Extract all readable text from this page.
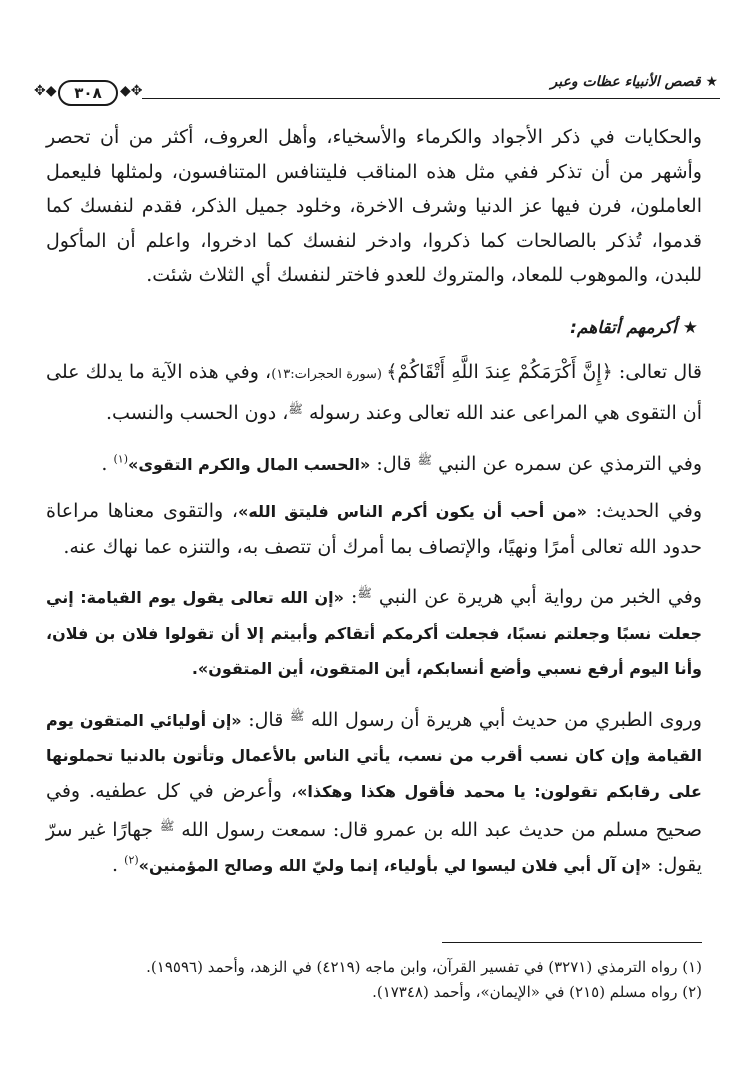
★ قصص الأنبياء عظات وعبر
✥◆	٣٠٨	◆✥

والحكايات في ذكر الأجواد والكرماء والأسخياء، وأهل العروف، أكثر من أن تحصر وأشهر من أن تذكر ففي مثل هذه المناقب فليتنافس المتنافسون، ولمثلها فليعمل العاملون، فرن فيها عز الدنيا وشرف الاخرة، وخلود جميل الذكر، فقدم لنفسك كما قدموا، تُذكر بالصالحات كما ذكروا، وادخر لنفسك كما ادخروا، واعلم أن المأكول للبدن، والموهوب للمعاد، والمتروك للعدو فاختر لنفسك أي الثلاث شئت.

★ أكرمهم أتقاهم:

قال تعالى: ﴿إِنَّ أَكْرَمَكُمْ عِندَ اللَّهِ أَتْقَاكُمْ﴾ (سورة الحجرات:١٣)، وفي هذه الآية ما يدلك على أن التقوى هي المراعى عند الله تعالى وعند رسوله $^ﷺ$، دون الحسب والنسب.

وفي الترمذي عن سمره عن النبي $^ﷺ$ قال: «الحسب المال والكرم التقوى»$^{(١)}$ .

وفي الحديث: «من أحب أن يكون أكرم الناس فليتق الله»، والتقوى معناها مراعاة حدود الله تعالى أمرًا ونهيًا، والإتصاف بما أمرك أن تتصف به، والتنزه عما نهاك عنه.

وفي الخبر من رواية أبي هريرة عن النبي $^ﷺ$: «إن الله تعالى يقول يوم القيامة: إني جعلت نسبًا وجعلتم نسبًا، فجعلت أكرمكم أتقاكم وأبيتم إلا أن تقولوا فلان بن فلان، وأنا اليوم أرفع نسبي وأضع أنسابكم، أين المتقون، أين المتقون».

وروى الطبري من حديث أبي هريرة أن رسول الله $^ﷺ$ قال: «إن أوليائي المتقون يوم القيامة وإن كان نسب أقرب من نسب، يأتي الناس بالأعمال وتأتون بالدنيا تحملونها على رقابكم تقولون: يا محمد فأقول هكذا وهكذا»، وأعرض في كل عطفيه. وفي صحيح مسلم من حديث عبد الله بن عمرو قال: سمعت رسول الله $^ﷺ$ جهارًا غير سرّ يقول: «إن آل أبي فلان ليسوا لي بأولياء، إنما وليّ الله وصالح المؤمنين»$^{(٢)}$ .

(١) رواه الترمذي (٣٢٧١) في تفسير القرآن، وابن ماجه (٤٢١٩) في الزهد، وأحمد (١٩٥٩٦).

(٢) رواه مسلم (٢١٥) في «الإيمان»، وأحمد (١٧٣٤٨).
